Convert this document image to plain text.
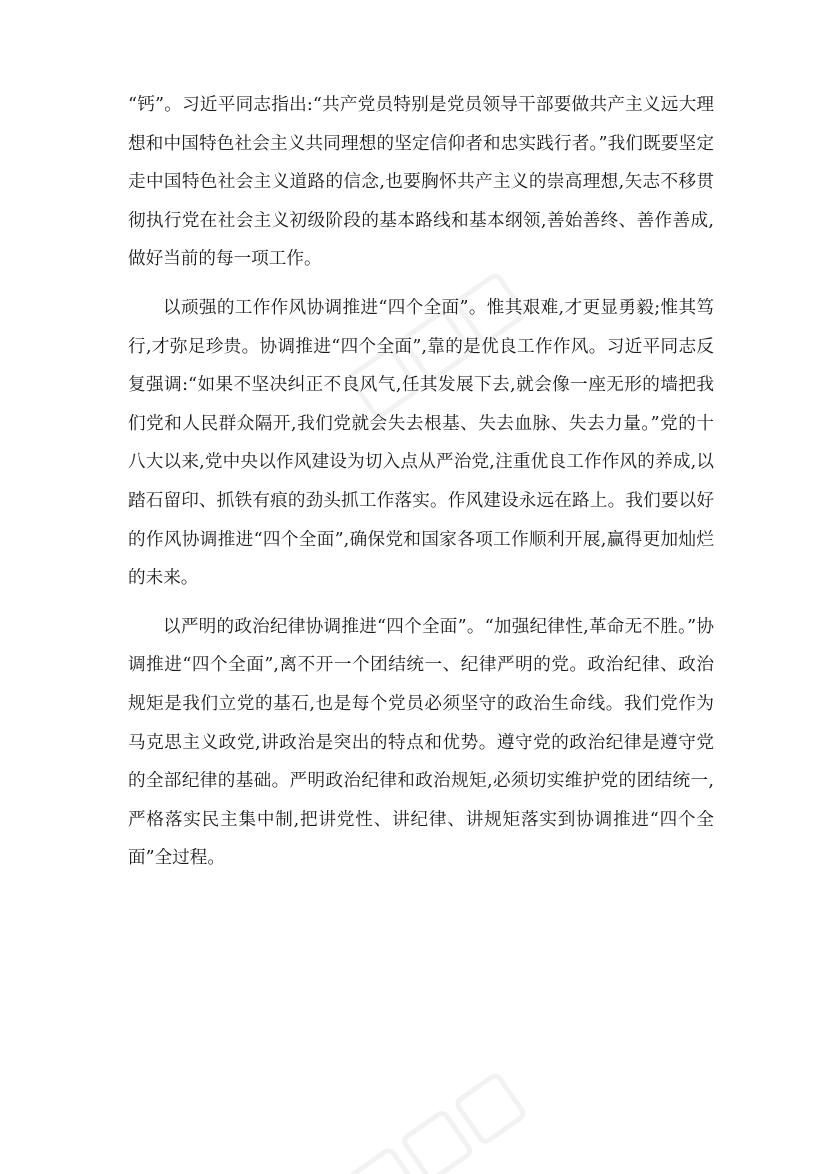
“钙”。习近平同志指出:“共产党员特别是党员领导干部要做共产主义远大理想和中国特色社会主义共同理想的坚定信仰者和忠实践行者。”我们既要坚定走中国特色社会主义道路的信念,也要胸怀共产主义的崇高理想,矢志不移贯彻执行党在社会主义初级阶段的基本路线和基本纲领,善始善终、善作善成,做好当前的每一项工作。

以顽强的工作作风协调推进“四个全面”。惟其艰难,才更显勇毅;惟其笃行,才弥足珍贵。协调推进“四个全面”,靠的是优良工作作风。习近平同志反复强调:“如果不坚决纠正不良风气,任其发展下去,就会像一座无形的墙把我们党和人民群众隔开,我们党就会失去根基、失去血脉、失去力量。”党的十八大以来,党中央以作风建设为切入点从严治党,注重优良工作作风的养成,以踏石留印、抓铁有痕的劲头抓工作落实。作风建设永远在路上。我们要以好的作风协调推进“四个全面”,确保党和国家各项工作顺利开展,赢得更加灿烂的未来。

以严明的政治纪律协调推进“四个全面”。“加强纪律性,革命无不胜。”协调推进“四个全面”,离不开一个团结统一、纪律严明的党。政治纪律、政治规矩是我们立党的基石,也是每个党员必须坚守的政治生命线。我们党作为马克思主义政党,讲政治是突出的特点和优势。遵守党的政治纪律是遵守党的全部纪律的基础。严明政治纪律和政治规矩,必须切实维护党的团结统一,严格落实民主集中制,把讲党性、讲纪律、讲规矩落实到协调推进“四个全面”全过程。
